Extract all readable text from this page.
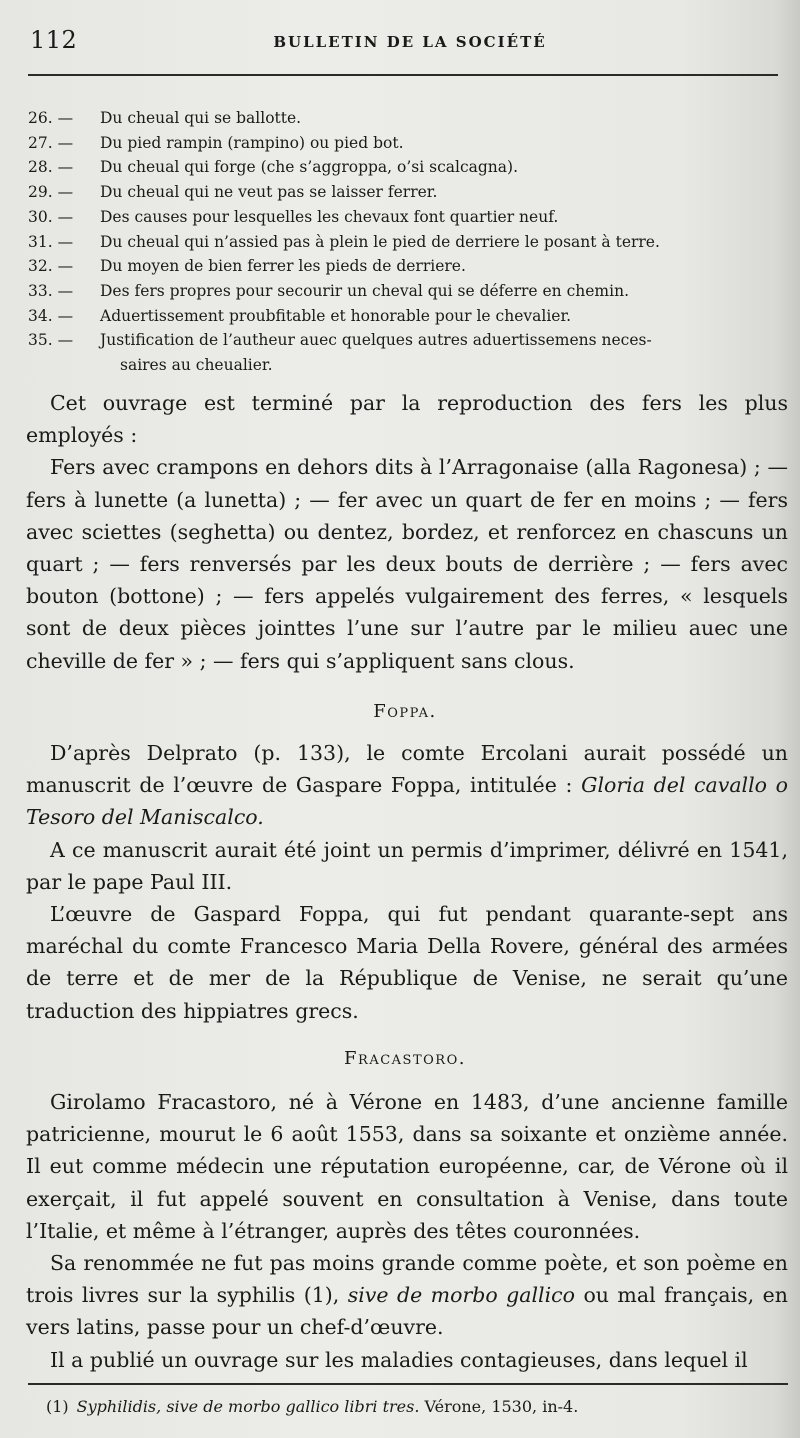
112	BULLETIN DE LA SOCIÉTÉ
26. —	Du cheual qui se ballotte.
27. —	Du pied rampin (rampino) ou pied bot.
28. —	Du cheual qui forge (che s’aggroppa, o’si scalcagna).
29. —	Du cheual qui ne veut pas se laisser ferrer.
30. —	Des causes pour lesquelles les chevaux font quartier neuf.
31. —	Du cheual qui n’assied pas à plein le pied de derriere le posant à terre.
32. —	Du moyen de bien ferrer les pieds de derriere.
33. —	Des fers propres pour secourir un cheval qui se déferre en chemin.
34. —	Aduertissement proubfitable et honorable pour le chevalier.
35. —	Justification de l’autheur auec quelques autres aduertissemens neces-
saires au cheualier.

Cet ouvrage est terminé par la reproduction des fers les plus employés :

Fers avec crampons en dehors dits à l’Arragonaise (alla Ragonesa) ; — fers à lunette (a lunetta) ; — fer avec un quart de fer en moins ; — fers avec sciettes (seghetta) ou dentez, bordez, et renforcez en chascuns un quart ; — fers renversés par les deux bouts de derrière ; — fers avec bouton (bottone) ; — fers appelés vulgairement des ferres, « lesquels sont de deux pièces jointtes l’une sur l’autre par le milieu auec une cheville de fer » ; — fers qui s’appliquent sans clous.

Foppa.

D’après Delprato (p. 133), le comte Ercolani aurait possédé un manuscrit de l’œuvre de Gaspare Foppa, intitulée : Gloria del cavallo o Tesoro del Maniscalco.

A ce manuscrit aurait été joint un permis d’imprimer, délivré en 1541, par le pape Paul III.

L’œuvre de Gaspard Foppa, qui fut pendant quarante-sept ans maréchal du comte Francesco Maria Della Rovere, général des armées de terre et de mer de la République de Venise, ne serait qu’une traduction des hippiatres grecs.

Fracastoro.

Girolamo Fracastoro, né à Vérone en 1483, d’une ancienne famille patricienne, mourut le 6 août 1553, dans sa soixante et onzième année. Il eut comme médecin une réputation européenne, car, de Vérone où il exerçait, il fut appelé souvent en consultation à Venise, dans toute l’Italie, et même à l’étranger, auprès des têtes couronnées.

Sa renommée ne fut pas moins grande comme poète, et son poème en trois livres sur la syphilis (1), sive de morbo gallico ou mal français, en vers latins, passe pour un chef-d’œuvre.

Il a publié un ouvrage sur les maladies contagieuses, dans lequel il

(1) Syphilidis, sive de morbo gallico libri tres. Vérone, 1530, in-4.
